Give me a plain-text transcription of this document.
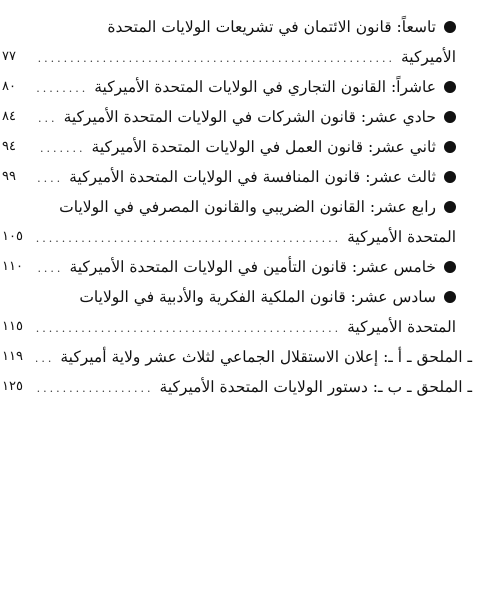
تاسعاً: قانون الائتمان في تشريعات الولايات المتحدة
الأميركية
.....
٧٧
عاشراً: القانون التجاري في الولايات المتحدة الأميركية
.....
٨٠
حادي عشر: قانون الشركات في الولايات المتحدة الأميركية
.....
٨٤
ثاني عشر: قانون العمل في الولايات المتحدة الأميركية
.....
٩٤
ثالث عشر: قانون المنافسة في الولايات المتحدة الأميركية
.....
٩٩
رابع عشر: القانون الضريبي والقانون المصرفي في الولايات
المتحدة الأميركية
.....
١٠٥
خامس عشر: قانون التأمين في الولايات المتحدة الأميركية
.....
١١٠
سادس عشر: قانون الملكية الفكرية والأدبية في الولايات
المتحدة الأميركية
.....
١١٥
ـ الملحق ـ أ ـ: إعلان الاستقلال الجماعي لثلاث عشر ولاية أميركية
.....
١١٩
ـ الملحق ـ ب ـ: دستور الولايات المتحدة الأميركية
.....
١٢٥
